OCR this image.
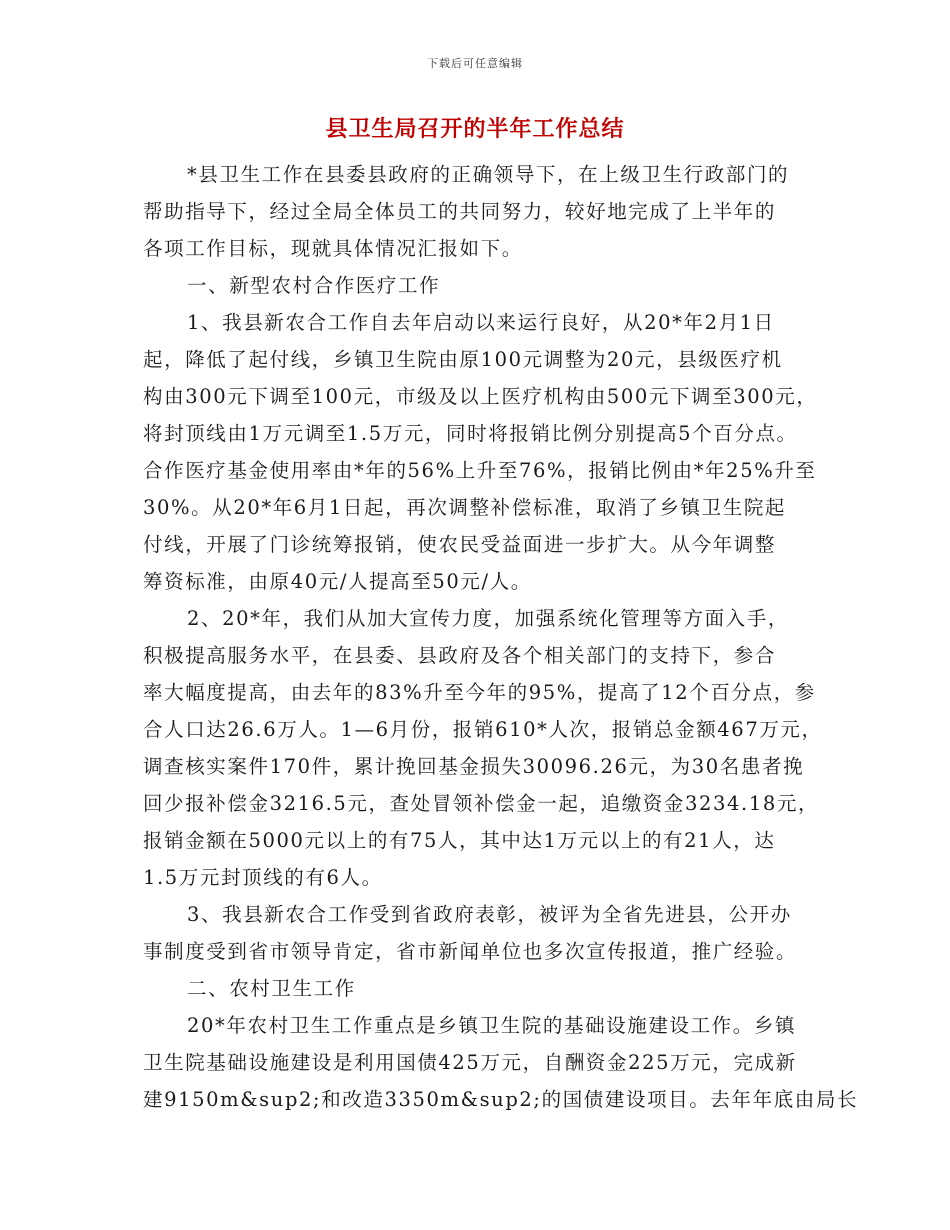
下载后可任意编辑
县卫生局召开的半年工作总结
*县卫生工作在县委县政府的正确领导下，在上级卫生行政部门的
帮助指导下，经过全局全体员工的共同努力，较好地完成了上半年的
各项工作目标，现就具体情况汇报如下。
一、新型农村合作医疗工作
1、我县新农合工作自去年启动以来运行良好，从20*年2月1日
起，降低了起付线，乡镇卫生院由原100元调整为20元，县级医疗机
构由300元下调至100元，市级及以上医疗机构由500元下调至300元，
将封顶线由1万元调至1.5万元，同时将报销比例分别提高5个百分点。
合作医疗基金使用率由*年的56%上升至76%，报销比例由*年25%升至
30%。从20*年6月1日起，再次调整补偿标准，取消了乡镇卫生院起
付线，开展了门诊统筹报销，使农民受益面进一步扩大。从今年调整
筹资标准，由原40元/人提高至50元/人。
2、20*年，我们从加大宣传力度，加强系统化管理等方面入手，
积极提高服务水平，在县委、县政府及各个相关部门的支持下，参合
率大幅度提高，由去年的83%升至今年的95%，提高了12个百分点，参
合人口达26.6万人。1—6月份，报销610*人次，报销总金额467万元，
调查核实案件170件，累计挽回基金损失30096.26元，为30名患者挽
回少报补偿金3216.5元，查处冒领补偿金一起，追缴资金3234.18元，
报销金额在5000元以上的有75人，其中达1万元以上的有21人，达
1.5万元封顶线的有6人。
3、我县新农合工作受到省政府表彰，被评为全省先进县，公开办
事制度受到省市领导肯定，省市新闻单位也多次宣传报道，推广经验。
二、农村卫生工作
20*年农村卫生工作重点是乡镇卫生院的基础设施建设工作。乡镇
卫生院基础设施建设是利用国债425万元，自酬资金225万元，完成新
建9150m&sup2;和改造3350m&sup2;的国债建设项目。去年年底由局长
